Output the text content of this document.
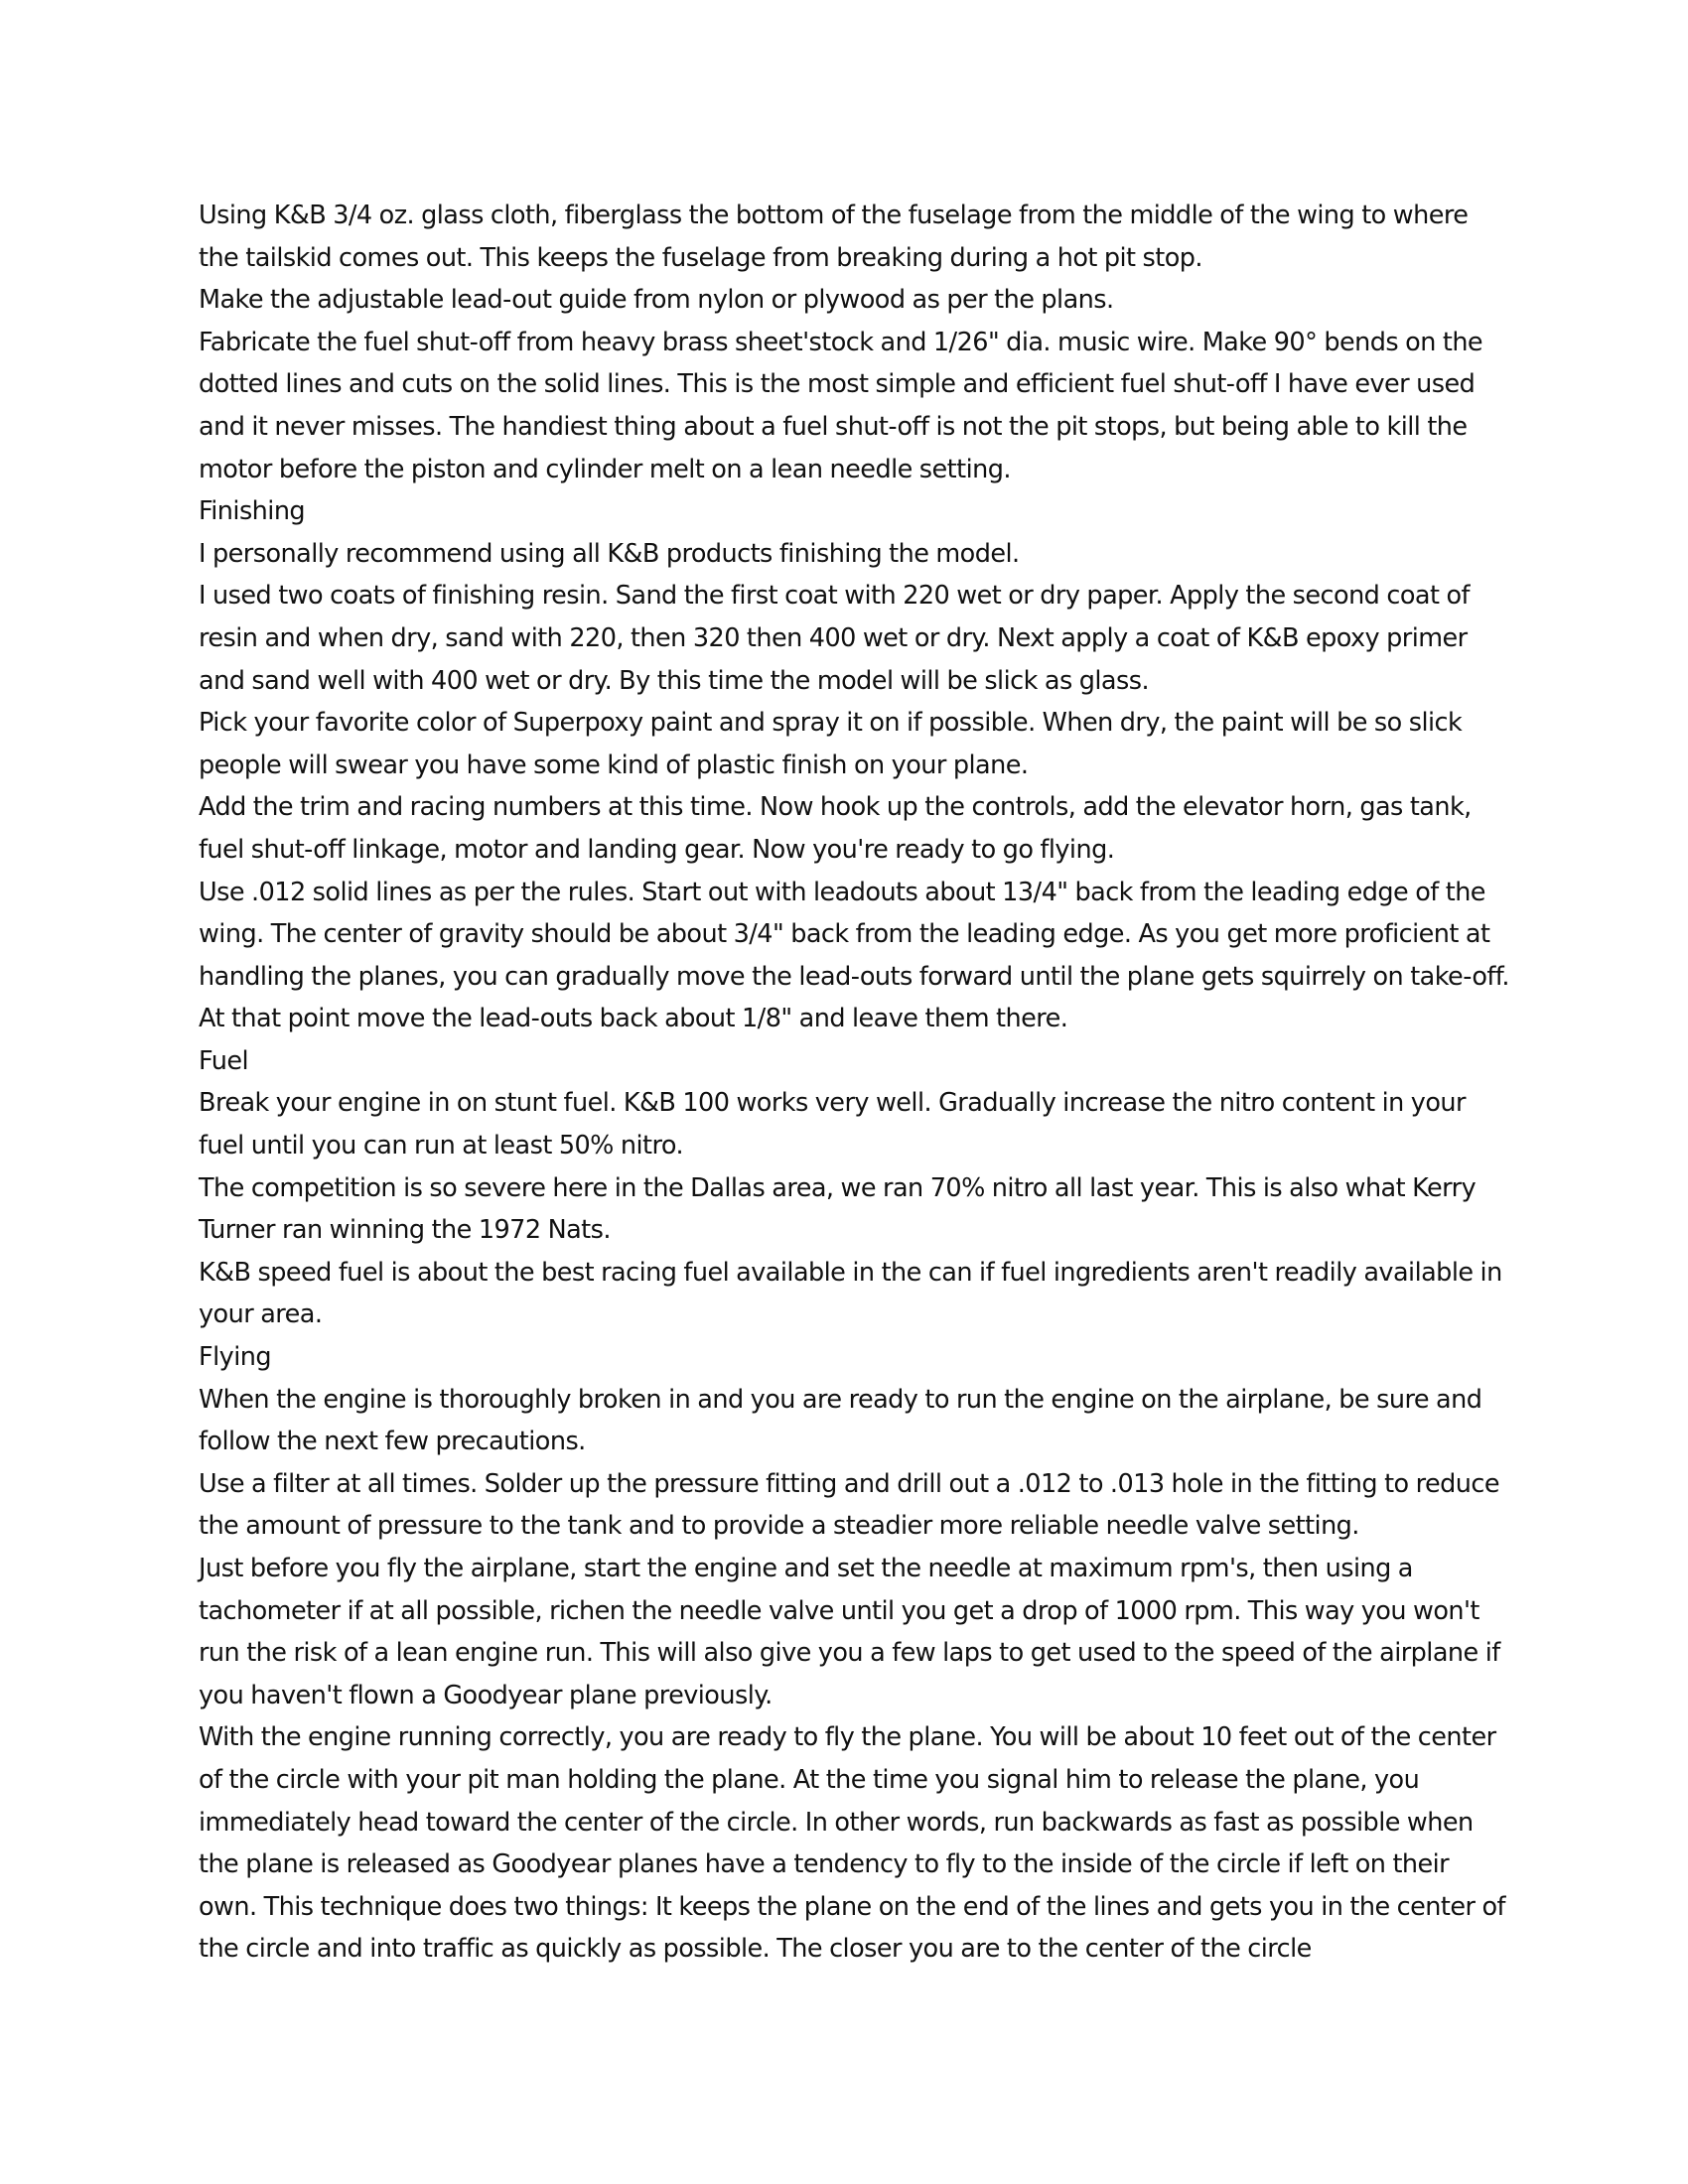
Using K&B 3/4 oz. glass cloth, fiberglass the bottom of the fuselage from the middle of the wing to where the tailskid comes out. This keeps the fuselage from breaking during a hot pit stop.

Make the adjustable lead-out guide from nylon or plywood as per the plans.

Fabricate the fuel shut-off from heavy brass sheet'stock and 1/26" dia. music wire. Make 90° bends on the dotted lines and cuts on the solid lines. This is the most simple and efficient fuel shut-off I have ever used and it never misses. The handiest thing about a fuel shut-off is not the pit stops, but being able to kill the motor before the piston and cylinder melt on a lean needle setting.

Finishing

I personally recommend using all K&B products finishing the model.

I used two coats of finishing resin. Sand the first coat with 220 wet or dry paper. Apply the second coat of resin and when dry, sand with 220, then 320 then 400 wet or dry. Next apply a coat of K&B epoxy primer and sand well with 400 wet or dry. By this time the model will be slick as glass.

Pick your favorite color of Superpoxy paint and spray it on if possible. When dry, the paint will be so slick people will swear you have some kind of plastic finish on your plane.

Add the trim and racing numbers at this time. Now hook up the controls, add the elevator horn, gas tank, fuel shut-off linkage, motor and landing gear. Now you're ready to go flying.

Use .012 solid lines as per the rules. Start out with leadouts about 13/4" back from the leading edge of the wing. The center of gravity should be about 3/4" back from the leading edge. As you get more proficient at handling the planes, you can gradually move the lead-outs forward until the plane gets squirrely on take-off. At that point move the lead-outs back about 1/8" and leave them there.

Fuel

Break your engine in on stunt fuel. K&B 100 works very well. Gradually increase the nitro content in your fuel until you can run at least 50% nitro.

The competition is so severe here in the Dallas area, we ran 70% nitro all last year. This is also what Kerry Turner ran winning the 1972 Nats.

K&B speed fuel is about the best racing fuel available in the can if fuel ingredients aren't readily available in your area.

Flying

When the engine is thoroughly broken in and you are ready to run the engine on the airplane, be sure and follow the next few precautions.

Use a filter at all times. Solder up the pressure fitting and drill out a .012 to .013 hole in the fitting to reduce the amount of pressure to the tank and to provide a steadier more reliable needle valve setting.

Just before you fly the airplane, start the engine and set the needle at maximum rpm's, then using a tachometer if at all possible, richen the needle valve until you get a drop of 1000 rpm. This way you won't run the risk of a lean engine run. This will also give you a few laps to get used to the speed of the airplane if you haven't flown a Goodyear plane previously.

With the engine running correctly, you are ready to fly the plane. You will be about 10 feet out of the center of the circle with your pit man holding the plane. At the time you signal him to release the plane, you immediately head toward the center of the circle. In other words, run backwards as fast as possible when the plane is released as Goodyear planes have a tendency to fly to the inside of the circle if left on their own. This technique does two things: It keeps the plane on the end of the lines and gets you in the center of the circle and into traffic as quickly as possible. The closer you are to the center of the circle
